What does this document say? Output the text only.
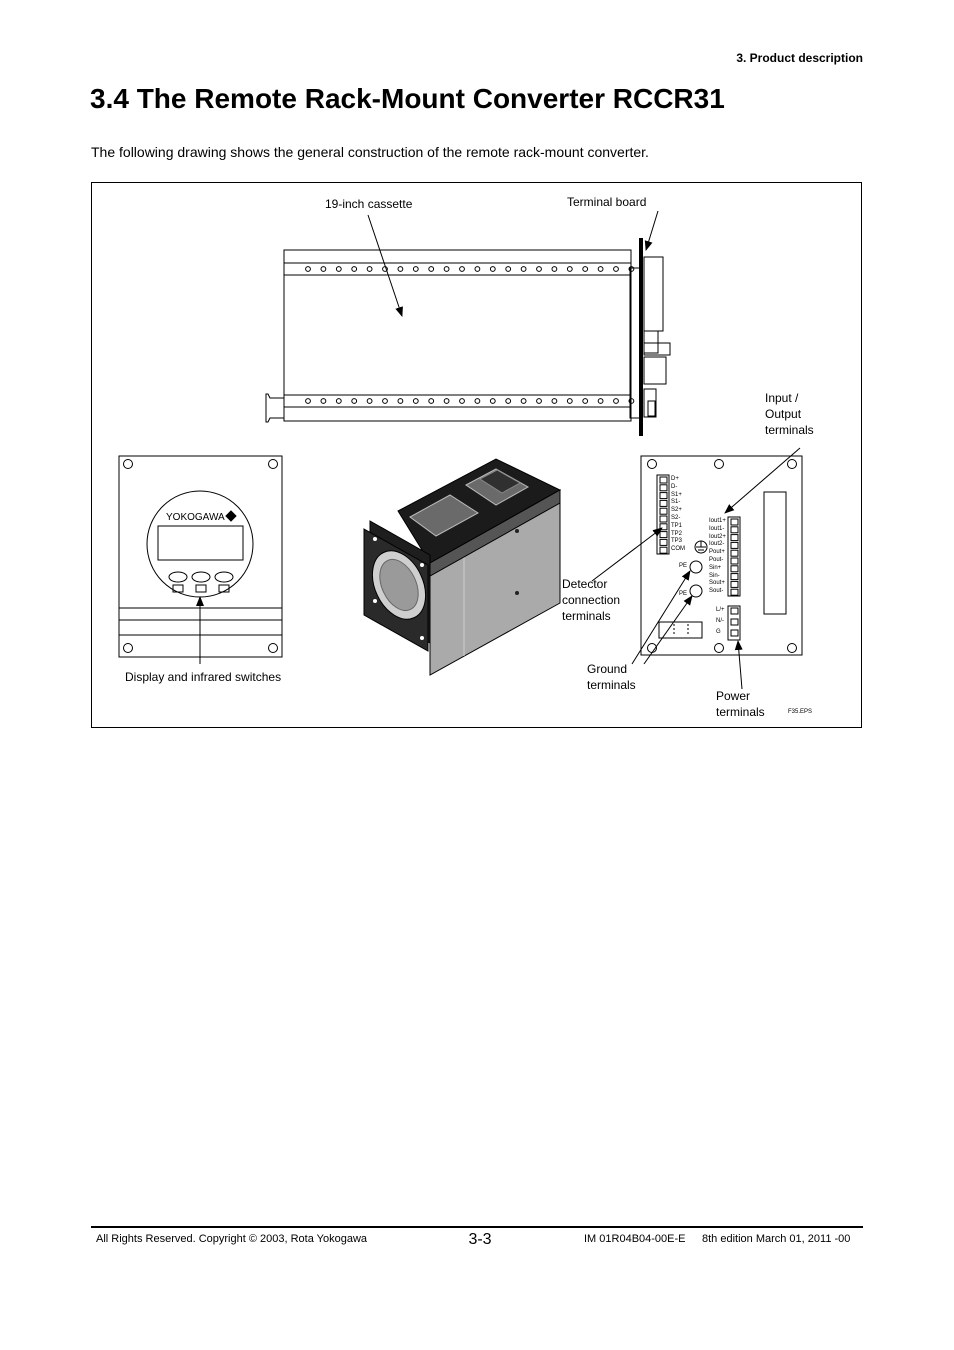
3. Product description
3.4 The Remote Rack-Mount Converter RCCR31
The following drawing shows the general construction of the remote rack-mount converter.
YOKOGAWA
19-inch cassette	Terminal board
Input /
Output
terminals
Display and infrared switches
Detector
connection
terminals
Ground
terminals
Power
terminals	F35.EPS
D+
D-
S1+
S1-
S2+
S2-
TP1
TP2
TP3
COM
Iout1+
Iout1-
Iout2+
Iout2-
Pout+
Pout-
Sin+
Sin-
Sout+
Sout-
L/+
N/-
G
PE
PE
All Rights Reserved. Copyright © 2003, Rota Yokogawa	3-3	IM 01R04B04-00E-E 8th edition March 01, 2011 -00
